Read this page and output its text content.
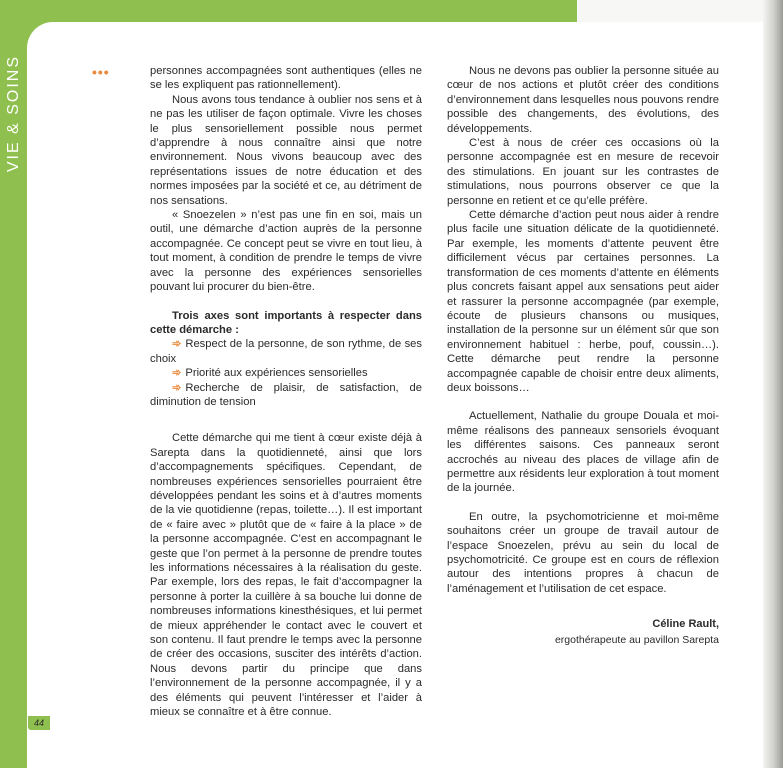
VIE & SOINS	•••	personnes accompagnées sont authentiques (elles ne se les expliquent pas rationnellement).

Nous avons tous tendance à oublier nos sens et à ne pas les utiliser de façon optimale. Vivre les choses le plus sensoriellement possible nous permet d’apprendre à nous connaître ainsi que notre environnement. Nous vivons beaucoup avec des représentations issues de notre éducation et des normes imposées par la société et ce, au détriment de nos sensations.

« Snoezelen » n’est pas une fin en soi, mais un outil, une démarche d’action auprès de la personne accompagnée. Ce concept peut se vivre en tout lieu, à tout moment, à condition de prendre le temps de vivre avec la personne des expériences sensorielles pouvant lui procurer du bien-être.

Trois axes sont importants à respecter dans cette démarche :

➾ Respect de la personne, de son rythme, de ses choix

➾ Priorité aux expériences sensorielles

➾ Recherche de plaisir, de satisfaction, de diminution de tension

Cette démarche qui me tient à cœur existe déjà à Sarepta dans la quotidienneté, ainsi que lors d’accompagnements spécifiques. Cependant, de nombreuses expériences sensorielles pourraient être développées pendant les soins et à d’autres moments de la vie quotidienne (repas, toilette…). Il est important de « faire avec » plutôt que de « faire à la place » de la personne accompagnée. C’est en accompagnant le geste que l’on permet à la personne de prendre toutes les informations nécessaires à la réalisation du geste. Par exemple, lors des repas, le fait d’accompagner la personne à porter la cuillère à sa bouche lui donne de nombreuses informations kinesthésiques, et lui permet de mieux appréhender le contact avec le couvert et son contenu. Il faut prendre le temps avec la personne de créer des occasions, susciter des intérêts d’action. Nous devons partir du principe que dans l’environnement de la personne accompagnée, il y a des éléments qui peuvent l’intéresser et l’aider à mieux se connaître et à être connue.

Nous ne devons pas oublier la personne située au cœur de nos actions et plutôt créer des conditions d’environnement dans lesquelles nous pouvons rendre possible des changements, des évolutions, des développements.

C’est à nous de créer ces occasions où la personne accompagnée est en mesure de recevoir des stimulations. En jouant sur les contrastes de stimulations, nous pourrons observer ce que la personne en retient et ce qu’elle préfère.

Cette démarche d’action peut nous aider à rendre plus facile une situation délicate de la quotidienneté. Par exemple, les moments d’attente peuvent être difficilement vécus par certaines personnes. La transformation de ces moments d’attente en éléments plus concrets faisant appel aux sensations peut aider et rassurer la personne accompagnée (par exemple, écoute de plusieurs chansons ou musiques, installation de la personne sur un élément sûr que son environnement habituel : herbe, pouf, coussin…). Cette démarche peut rendre la personne accompagnée capable de choisir entre deux aliments, deux boissons…

Actuellement, Nathalie du groupe Douala et moi-même réalisons des panneaux sensoriels évoquant les différentes saisons. Ces panneaux seront accrochés au niveau des places de village afin de permettre aux résidents leur exploration à tout moment de la journée.

En outre, la psychomotricienne et moi-même souhaitons créer un groupe de travail autour de l’espace Snoezelen, prévu au sein du local de psychomotricité. Ce groupe est en cours de réflexion autour des intentions propres à chacun de l’aménagement et l’utilisation de cet espace.

Céline Rault,
ergothérapeute au pavillon Sarepta
44
